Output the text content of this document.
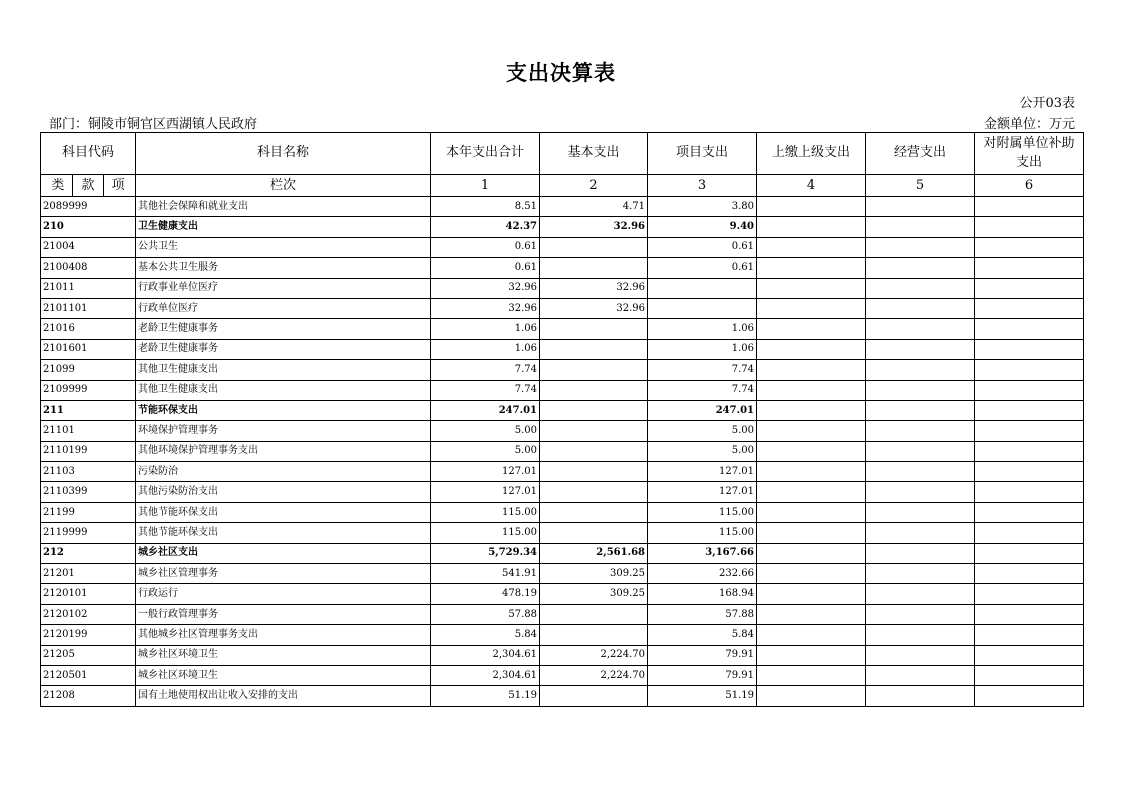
支出决算表
公开03表
部门：铜陵市铜官区西湖镇人民政府	金额单位：万元
科目代码	科目名称	本年支出合计	基本支出	项目支出	上缴上级支出	经营支出	对附属单位补助支出
类 款 项	栏次	1	2	3	4	5	6
2089999	其他社会保障和就业支出	8.51	4.71	3.80			
210	卫生健康支出	42.37	32.96	9.40			
21004	公共卫生	0.61		0.61			
2100408	基本公共卫生服务	0.61		0.61			
21011	行政事业单位医疗	32.96	32.96				
2101101	行政单位医疗	32.96	32.96				
21016	老龄卫生健康事务	1.06		1.06			
2101601	老龄卫生健康事务	1.06		1.06			
21099	其他卫生健康支出	7.74		7.74			
2109999	其他卫生健康支出	7.74		7.74			
211	节能环保支出	247.01		247.01			
21101	环境保护管理事务	5.00		5.00			
2110199	其他环境保护管理事务支出	5.00		5.00			
21103	污染防治	127.01		127.01			
2110399	其他污染防治支出	127.01		127.01			
21199	其他节能环保支出	115.00		115.00			
2119999	其他节能环保支出	115.00		115.00			
212	城乡社区支出	5,729.34	2,561.68	3,167.66			
21201	城乡社区管理事务	541.91	309.25	232.66			
2120101	行政运行	478.19	309.25	168.94			
2120102	一般行政管理事务	57.88		57.88			
2120199	其他城乡社区管理事务支出	5.84		5.84			
21205	城乡社区环境卫生	2,304.61	2,224.70	79.91			
2120501	城乡社区环境卫生	2,304.61	2,224.70	79.91			
21208	国有土地使用权出让收入安排的支出	51.19		51.19			
